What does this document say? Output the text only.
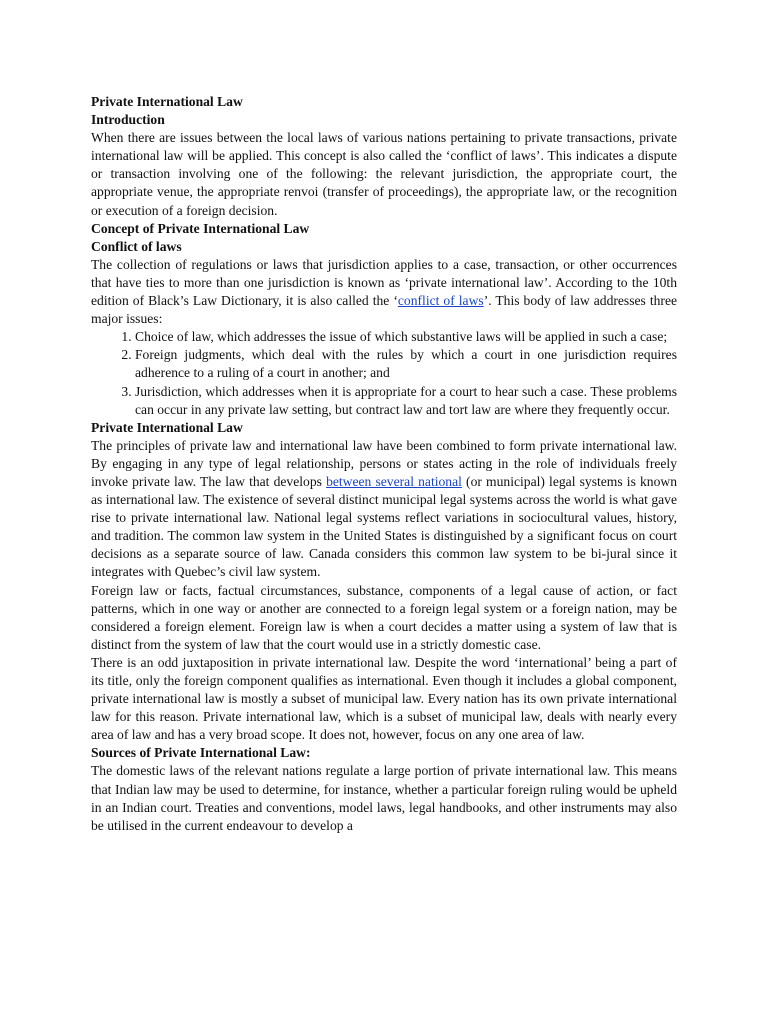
Private International Law

Introduction

When there are issues between the local laws of various nations pertaining to private transactions, private international law will be applied. This concept is also called the ‘conflict of laws’. This indicates a dispute or transaction involving one of the following: the relevant jurisdiction, the appropriate court, the appropriate venue, the appropriate renvoi (transfer of proceedings), the appropriate law, or the recognition or execution of a foreign decision.

Concept of Private International Law

Conflict of laws

The collection of regulations or laws that jurisdiction applies to a case, transaction, or other occurrences that have ties to more than one jurisdiction is known as ‘private international law’. According to the 10th edition of Black’s Law Dictionary, it is also called the ‘conflict of laws’. This body of law addresses three major issues:

1. Choice of law, which addresses the issue of which substantive laws will be applied in such a case;
2. Foreign judgments, which deal with the rules by which a court in one jurisdiction requires adherence to a ruling of a court in another; and
3. Jurisdiction, which addresses when it is appropriate for a court to hear such a case. These problems can occur in any private law setting, but contract law and tort law are where they frequently occur.

Private International Law

The principles of private law and international law have been combined to form private international law. By engaging in any type of legal relationship, persons or states acting in the role of individuals freely invoke private law. The law that develops between several national (or municipal) legal systems is known as international law. The existence of several distinct municipal legal systems across the world is what gave rise to private international law. National legal systems reflect variations in sociocultural values, history, and tradition. The common law system in the United States is distinguished by a significant focus on court decisions as a separate source of law. Canada considers this common law system to be bi-jural since it integrates with Quebec’s civil law system.

Foreign law or facts, factual circumstances, substance, components of a legal cause of action, or fact patterns, which in one way or another are connected to a foreign legal system or a foreign nation, may be considered a foreign element. Foreign law is when a court decides a matter using a system of law that is distinct from the system of law that the court would use in a strictly domestic case.

There is an odd juxtaposition in private international law. Despite the word ‘international’ being a part of its title, only the foreign component qualifies as international. Even though it includes a global component, private international law is mostly a subset of municipal law. Every nation has its own private international law for this reason. Private international law, which is a subset of municipal law, deals with nearly every area of law and has a very broad scope. It does not, however, focus on any one area of law.

Sources of Private International Law:

The domestic laws of the relevant nations regulate a large portion of private international law. This means that Indian law may be used to determine, for instance, whether a particular foreign ruling would be upheld in an Indian court. Treaties and conventions, model laws, legal handbooks, and other instruments may also be utilised in the current endeavour to develop a
